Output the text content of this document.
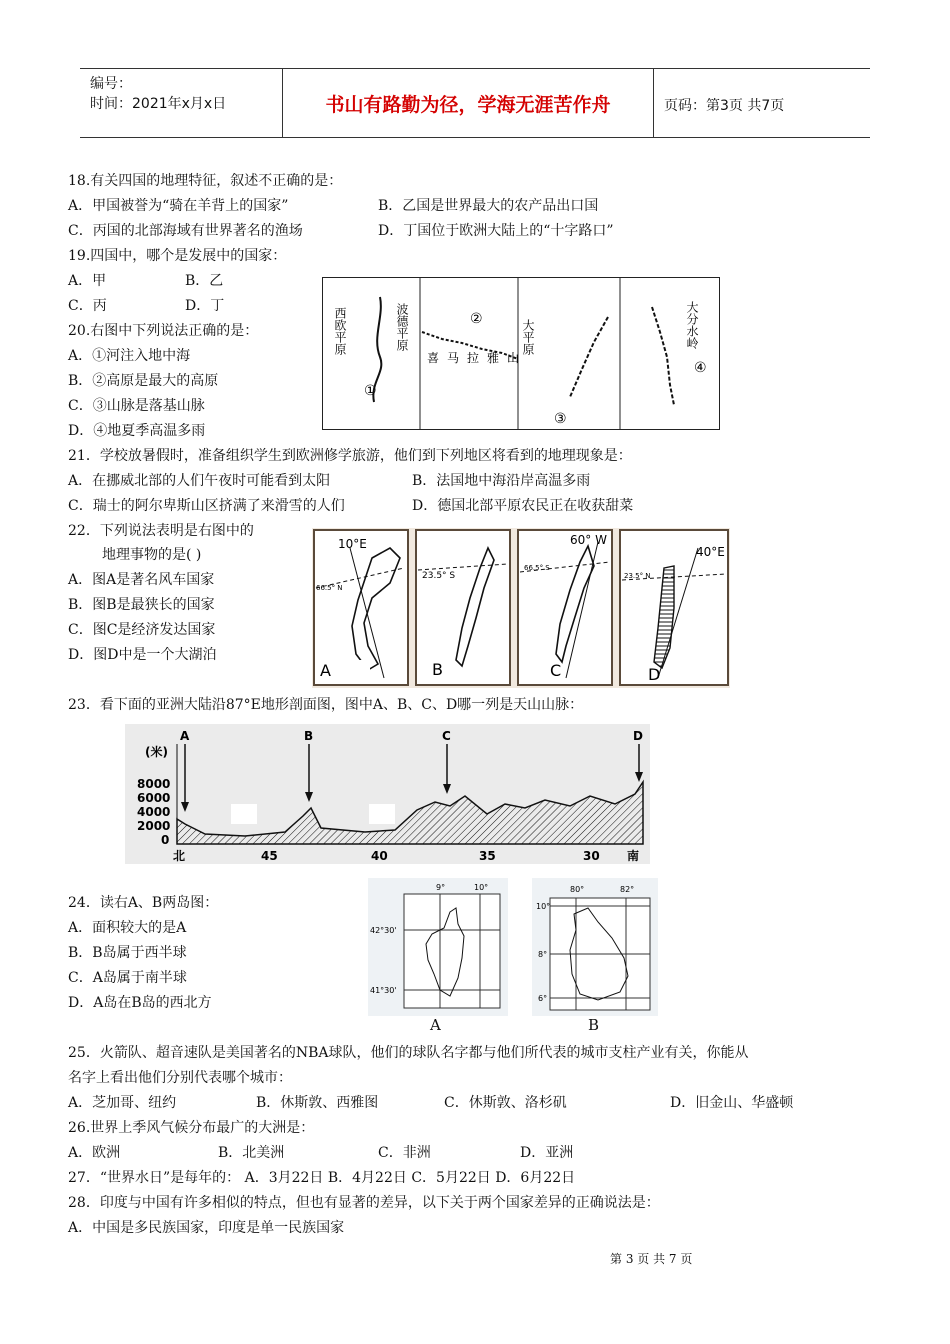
编号：
时间：2021年x月x日	书山有路勤为径，学海无涯苦作舟	页码：第3页 共7页
18.有关四国的地理特征，叙述不正确的是：
A．甲国被誉为“骑在羊背上的国家”	B．乙国是世界最大的农产品出口国
C．丙国的北部海域有世界著名的渔场	D．丁国位于欧洲大陆上的“十字路口”
19.四国中，哪个是发展中的国家：
A．甲	B．乙
C．丙	D．丁
20.右图中下列说法正确的是：
A．①河注入地中海
B．②高原是最大的高原
C．③山脉是落基山脉
D．④地夏季高温多雨
西欧平原	波德平原
①
②
喜马拉雅山
大平原
③
大分水岭
④
21．学校放暑假时，准备组织学生到欧洲修学旅游，他们到下列地区将看到的地理现象是：
A．在挪威北部的人们午夜时可能看到太阳	B．法国地中海沿岸高温多雨
C．瑞士的阿尔卑斯山区挤满了来滑雪的人们	D．德国北部平原农民正在收获甜菜
22．下列说法表明是右图中的
地理事物的是( )
A．图A是著名风车国家
B．图B是最狭长的国家
C．图C是经济发达国家
D．图D中是一个大湖泊
10°E
66.5° N
A
23.5° S
B
60° W
66.5° S
C
40°E
23.5° N
D
23．看下面的亚洲大陆沿87°E地形剖面图，图中A、B、C、D哪一列是天山山脉：
(米)
8000
6000
4000
2000
0
北	45	40	35	30 南
A	B	C	D
24．读右A、B两岛图：
A．面积较大的是A
B．B岛属于西半球
C．A岛属于南半球
D．A岛在B岛的西北方
9°	10°
42°30'
41°30'
A
80°	82°
10°
8°
6°
B
25．火箭队、超音速队是美国著名的NBA球队，他们的球队名字都与他们所代表的城市支柱产业有关，你能从
名字上看出他们分别代表哪个城市：
A．芝加哥、纽约	B．休斯敦、西雅图	C．休斯敦、洛杉矶	D．旧金山、华盛顿
26.世界上季风气候分布最广的大洲是：
A．欧洲	B．北美洲	C．非洲	D．亚洲
27．“世界水日”是每年的： A．3月22日 B．4月22日 C．5月22日 D．6月22日
28．印度与中国有许多相似的特点，但也有显著的差异，以下关于两个国家差异的正确说法是：
A．中国是多民族国家，印度是单一民族国家
第 3 页 共 7 页
